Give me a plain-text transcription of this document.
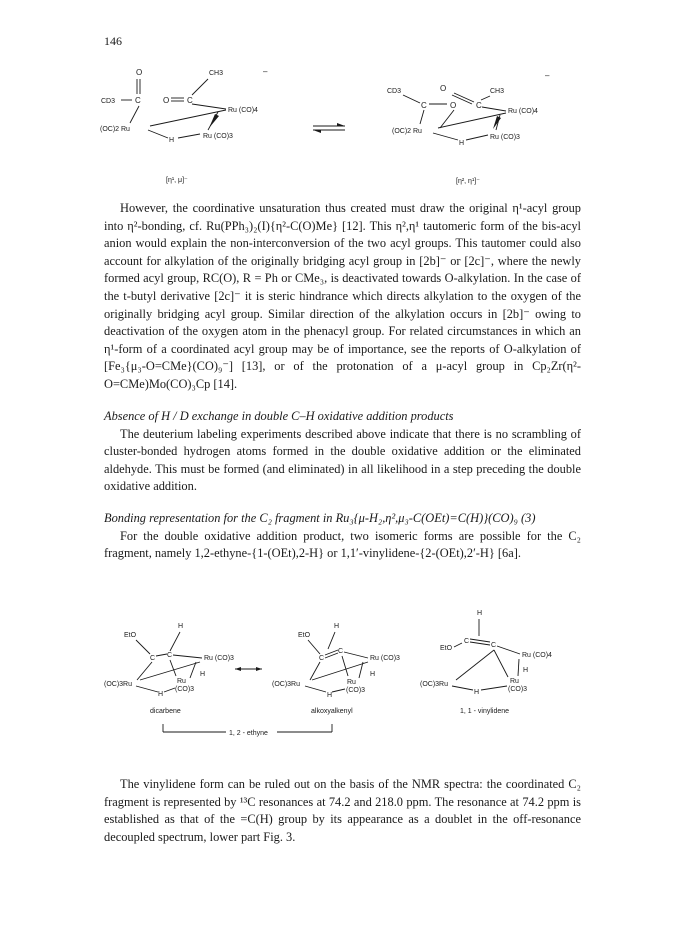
146
O	CH3	–
CD3 C	O C
Ru (CO)4
(OC)2 Ru
Ru (CO)3
H
[η¹, μ]⁻
CD3	O	CH3
–
C	O C
Ru (CO)4
(OC)2 Ru
Ru (CO)3
H
[η², η¹]⁻

However, the coordinative unsaturation thus created must draw the original η¹-acyl group into η²-bonding, cf. Ru(PPh₃)₂(I){η²-C(O)Me} [12]. This η²,η¹ tautomeric form of the bis-acyl anion would explain the non-interconversion of the two acyl groups. This tautomer could also account for alkylation of the originally bridging acyl group in [2b]⁻ or [2c]⁻, where the newly formed acyl group, RC(O), R = Ph or CMe₃, is deactivated towards O-alkylation. In the case of the t-butyl derivative [2c]⁻ it is steric hindrance which directs alkylation to the oxygen of the originally bridging acyl group. Similar direction of the alkylation occurs in [2b]⁻ owing to deactivation of the oxygen atom in the phenacyl group. For related circumstances in which an η¹-form of a coordinated acyl group may be of importance, see the reports of O-alkylation of [Fe₃{μ₃-O=CMe}(CO)₉⁻] [13], or of the protonation of a μ-acyl group in Cp₂Zr(η²-O=CMe)Mo(CO)₃Cp [14].

Absence of H / D exchange in double C–H oxidative addition products

The deuterium labeling experiments described above indicate that there is no scrambling of cluster-bonded hydrogen atoms formed in the double oxidative addition or the eliminated aldehyde. This must be formed (and eliminated) in all likelihood in a step preceding the double oxidative addition.

Bonding representation for the C₂ fragment in Ru₃{μ-H₂,η²,μ₃-C(OEt)=C(H)}(CO)₉ (3)

For the double oxidative addition product, two isomeric forms are possible for the C₂ fragment, namely 1,2-ethyne-{1-(OEt),2-H} or 1,1′-vinylidene-{2-(OEt),2′-H} [6a].

H
EtO
C C	Ru (CO)3
H
(OC)3Ru	Ru
(CO)3
H
dicarbene
H
EtO
C
C
Ru (CO)3
H
(OC)3Ru	Ru
(CO)3
H
alkoxyalkenyl
H
C
C
EtO
Ru (CO)4
H
(OC)3Ru	Ru
(CO)3
H
1, 1 - vinylidene
1, 2 - ethyne

The vinylidene form can be ruled out on the basis of the NMR spectra: the coordinated C₂ fragment is represented by ¹³C resonances at 74.2 and 218.0 ppm. The resonance at 74.2 ppm is established as that of the =C(H) group by its appearance as a doublet in the off-resonance decoupled spectrum, lower part Fig. 3.
